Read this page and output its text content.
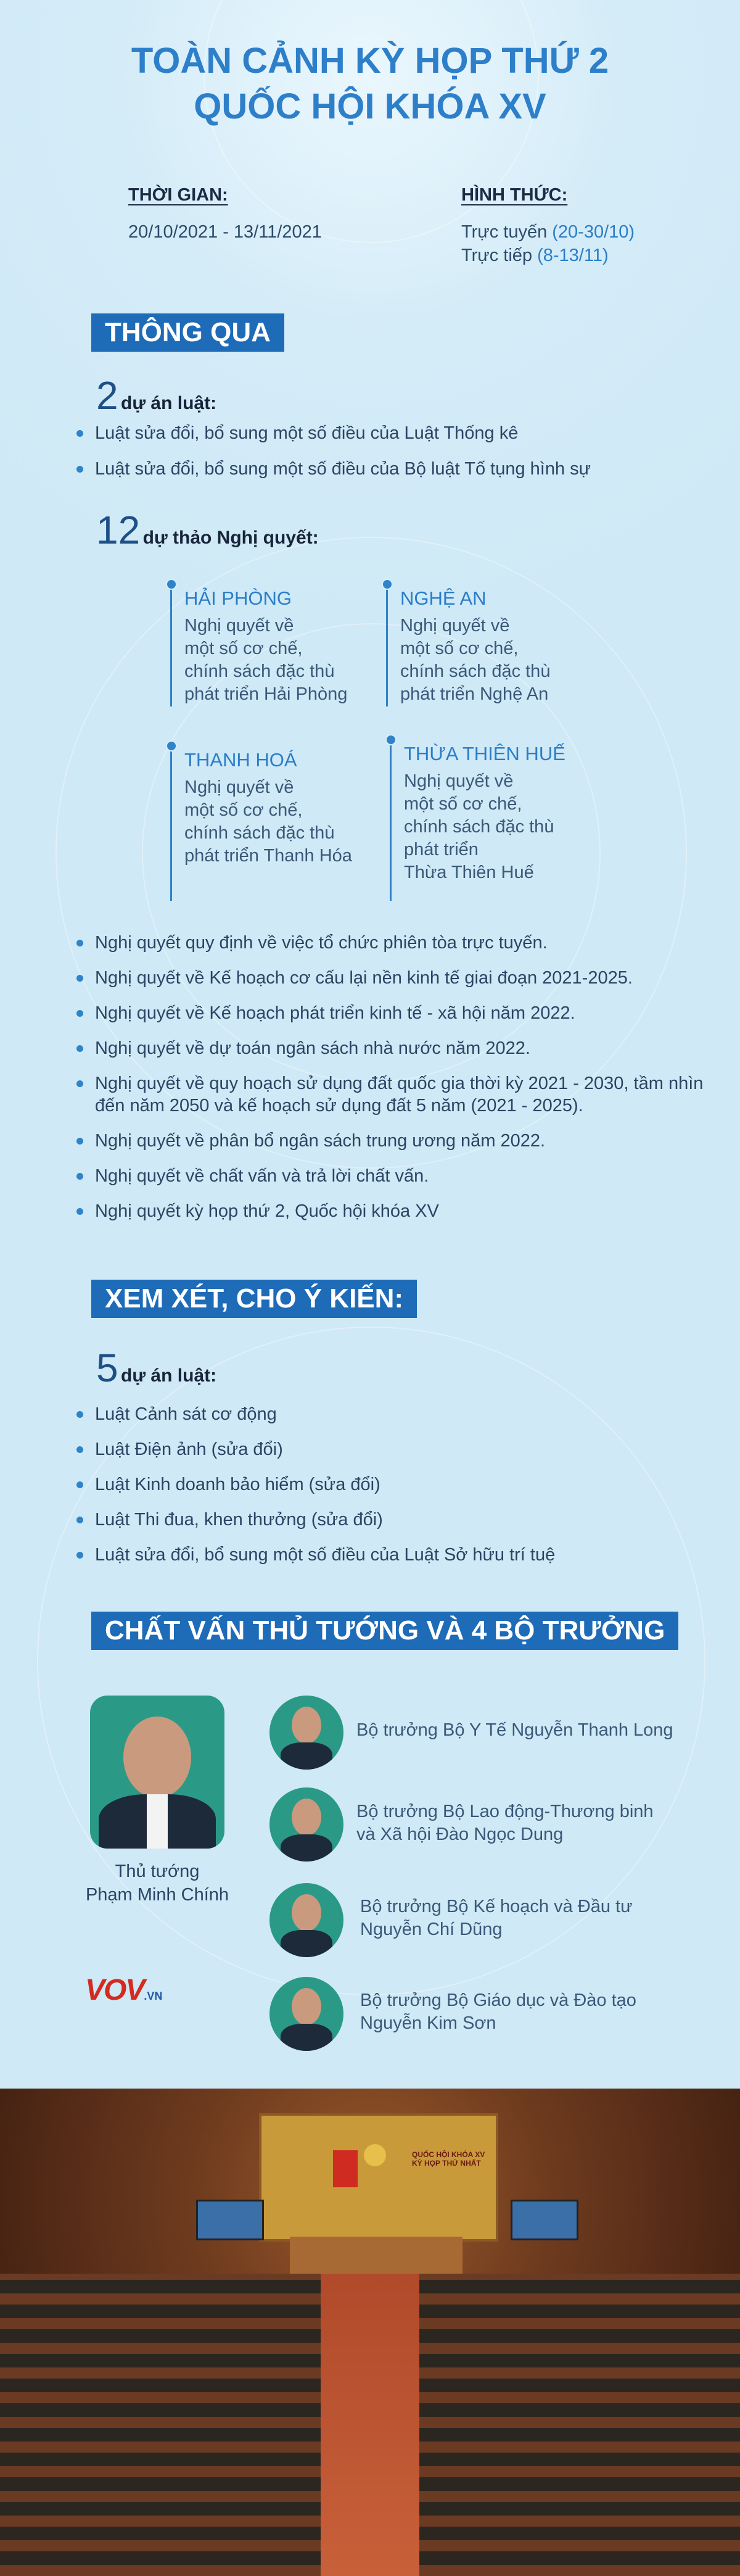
TOÀN CẢNH KỲ HỌP THỨ 2
QUỐC HỘI KHÓA XV
THỜI GIAN:
20/10/2021 - 13/11/2021
HÌNH THỨC:
Trực tuyến (20-30/10)
Trực tiếp (8-13/11)
THÔNG QUA
2 dự án luật:
Luật sửa đổi, bổ sung một số điều của Luật Thống kê
Luật sửa đổi, bổ sung một số điều của Bộ luật Tố tụng hình sự
12 dự thảo Nghị quyết:
HẢI PHÒNG
Nghị quyết về
một số cơ chế,
chính sách đặc thù
phát triển Hải Phòng
NGHỆ AN
Nghị quyết về
một số cơ chế,
chính sách đặc thù
phát triển Nghệ An
THANH HOÁ
Nghị quyết về
một số cơ chế,
chính sách đặc thù
phát triển Thanh Hóa
THỪA THIÊN HUẾ
Nghị quyết về
một số cơ chế,
chính sách đặc thù
phát triển
Thừa Thiên Huế
Nghị quyết quy định về việc tổ chức phiên tòa trực tuyến.
Nghị quyết về Kế hoạch cơ cấu lại nền kinh tế giai đoạn 2021-2025.
Nghị quyết về Kế hoạch phát triển kinh tế - xã hội năm 2022.
Nghị quyết về dự toán ngân sách nhà nước năm 2022.
Nghị quyết về quy hoạch sử dụng đất quốc gia thời kỳ 2021 - 2030, tầm nhìn đến năm 2050 và kế hoạch sử dụng đất 5 năm (2021 - 2025).
Nghị quyết về phân bổ ngân sách trung ương năm 2022.
Nghị quyết về chất vấn và trả lời chất vấn.
Nghị quyết kỳ họp thứ 2, Quốc hội khóa XV
XEM XÉT, CHO Ý KIẾN:
5 dự án luật:
Luật Cảnh sát cơ động
Luật Điện ảnh (sửa đổi)
Luật Kinh doanh bảo hiểm (sửa đổi)
Luật Thi đua, khen thưởng (sửa đổi)
Luật sửa đổi, bổ sung một số điều của Luật Sở hữu trí tuệ
CHẤT VẤN THỦ TƯỚNG VÀ 4 BỘ TRƯỞNG
Thủ tướng
Phạm Minh Chính
Bộ trưởng Bộ Y Tế Nguyễn Thanh Long
Bộ trưởng Bộ Lao động-Thương binh
và Xã hội Đào Ngọc Dung
Bộ trưởng Bộ Kế hoạch và Đầu tư
Nguyễn Chí Dũng
Bộ trưởng Bộ Giáo dục và Đào tạo
Nguyễn Kim Sơn
VOV.VN
QUỐC HỘI KHÓA XV
KỲ HỌP THỨ NHẤT
